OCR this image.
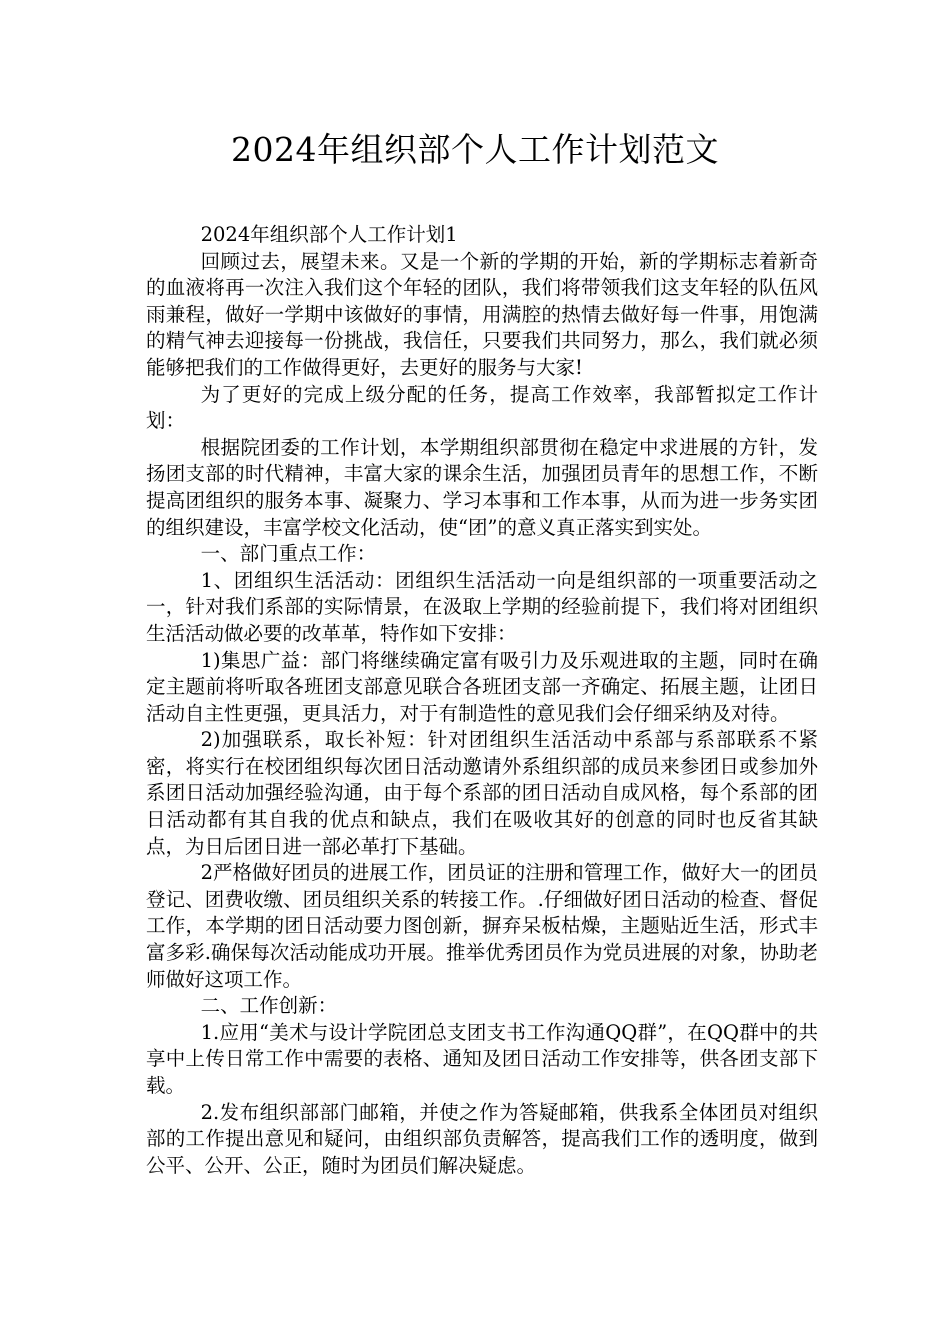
2024年组织部个人工作计划范文

2024年组织部个人工作计划1

回顾过去，展望未来。又是一个新的学期的开始，新的学期标志着新奇的血液将再一次注入我们这个年轻的团队，我们将带领我们这支年轻的队伍风雨兼程，做好一学期中该做好的事情，用满腔的热情去做好每一件事，用饱满的精气神去迎接每一份挑战，我信任，只要我们共同努力，那么，我们就必须能够把我们的工作做得更好，去更好的服务与大家!

为了更好的完成上级分配的任务，提高工作效率，我部暂拟定工作计划：

根据院团委的工作计划，本学期组织部贯彻在稳定中求进展的方针，发扬团支部的时代精神，丰富大家的课余生活，加强团员青年的思想工作，不断提高团组织的服务本事、凝聚力、学习本事和工作本事，从而为进一步务实团的组织建设，丰富学校文化活动，使“团”的意义真正落实到实处。

一、部门重点工作：

1、团组织生活活动：团组织生活活动一向是组织部的一项重要活动之一，针对我们系部的实际情景，在汲取上学期的经验前提下，我们将对团组织生活活动做必要的改革革，特作如下安排：

1)集思广益：部门将继续确定富有吸引力及乐观进取的主题，同时在确定主题前将听取各班团支部意见联合各班团支部一齐确定、拓展主题，让团日活动自主性更强，更具活力，对于有制造性的意见我们会仔细采纳及对待。

2)加强联系，取长补短：针对团组织生活活动中系部与系部联系不紧密，将实行在校团组织每次团日活动邀请外系组织部的成员来参团日或参加外系团日活动加强经验沟通，由于每个系部的团日活动自成风格，每个系部的团日活动都有其自我的优点和缺点，我们在吸收其好的创意的同时也反省其缺点，为日后团日进一部必革打下基础。

2严格做好团员的进展工作，团员证的注册和管理工作，做好大一的团员登记、团费收缴、团员组织关系的转接工作。.仔细做好团日活动的检查、督促工作，本学期的团日活动要力图创新，摒弃呆板枯燥，主题贴近生活，形式丰富多彩.确保每次活动能成功开展。推举优秀团员作为党员进展的对象，协助老师做好这项工作。

二、工作创新：

1.应用“美术与设计学院团总支团支书工作沟通QQ群”，在QQ群中的共享中上传日常工作中需要的表格、通知及团日活动工作安排等，供各团支部下载。

2.发布组织部部门邮箱，并使之作为答疑邮箱，供我系全体团员对组织部的工作提出意见和疑问，由组织部负责解答，提高我们工作的透明度，做到公平、公开、公正，随时为团员们解决疑虑。
